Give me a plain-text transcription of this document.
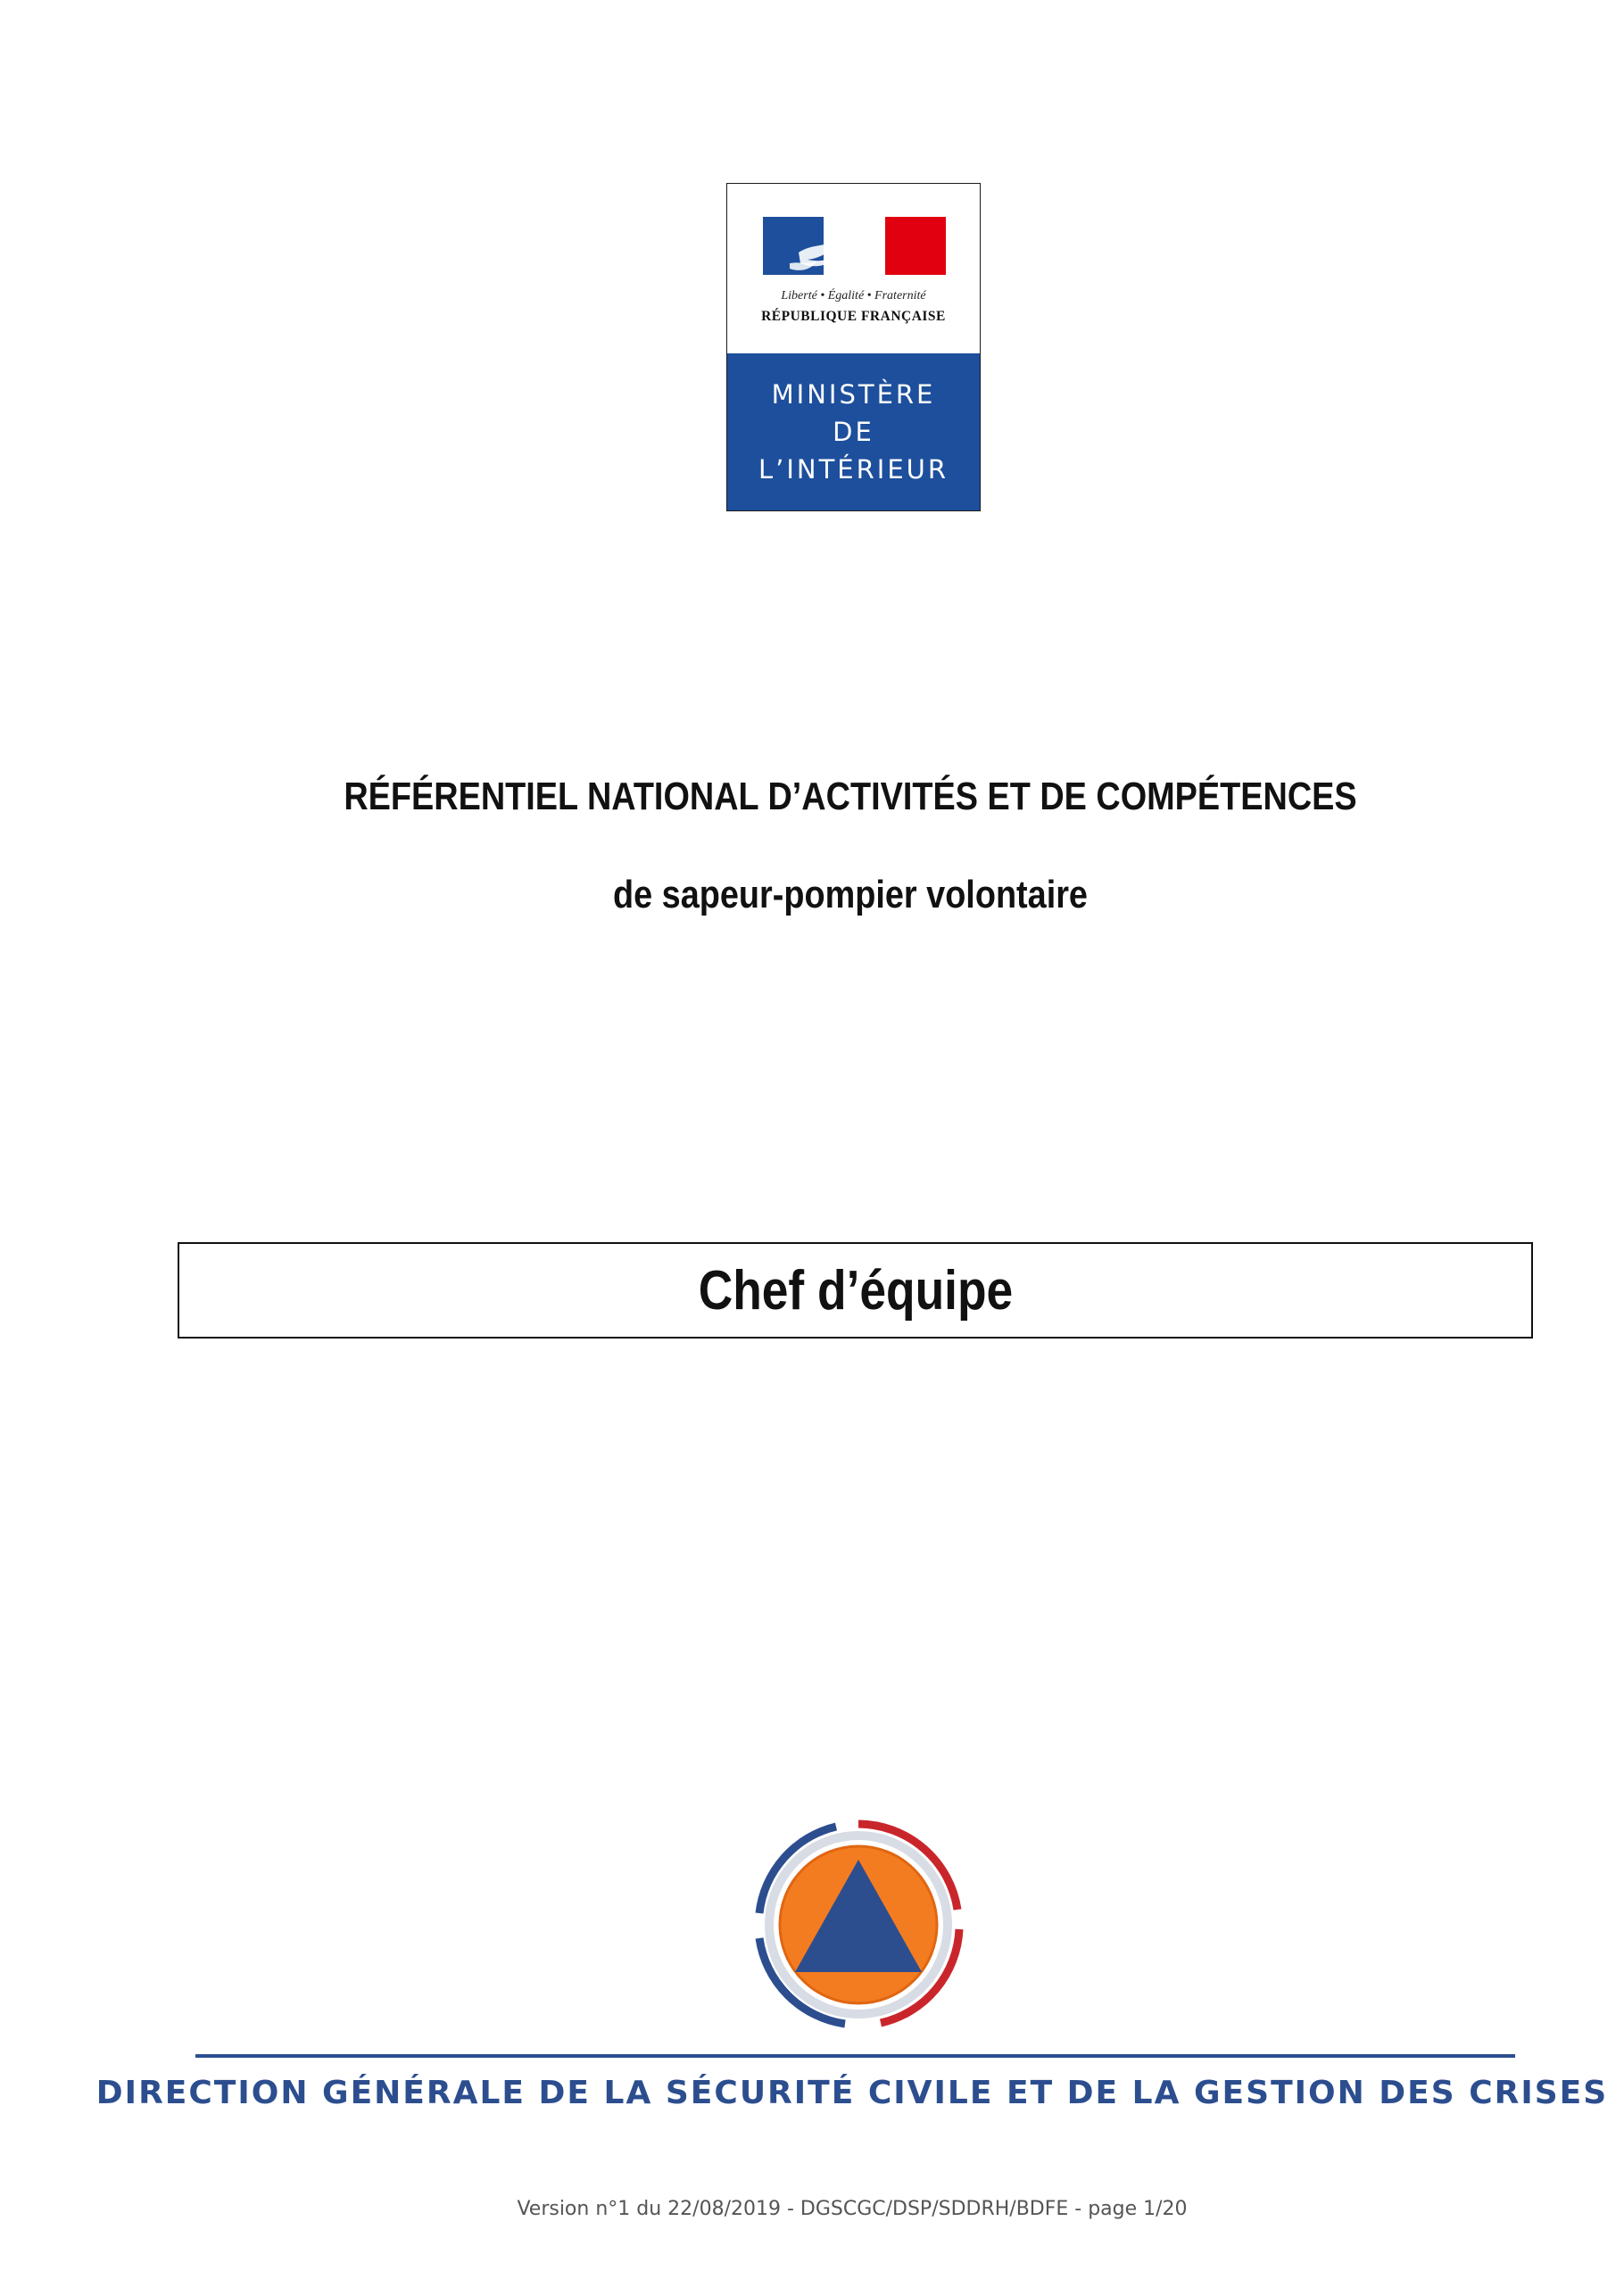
Liberté • Égalité • Fraternité
RÉPUBLIQUE FRANÇAISE
MINISTÈRE
DE
L’INTÉRIEUR
RÉFÉRENTIEL NATIONAL D’ACTIVITÉS ET DE COMPÉTENCES
de sapeur-pompier volontaire
Chef d’équipe
DIRECTION GÉNÉRALE DE LA SÉCURITÉ CIVILE ET DE LA GESTION DES CRISES
Version n°1 du 22/08/2019 - DGSCGC/DSP/SDDRH/BDFE - page 1/20
